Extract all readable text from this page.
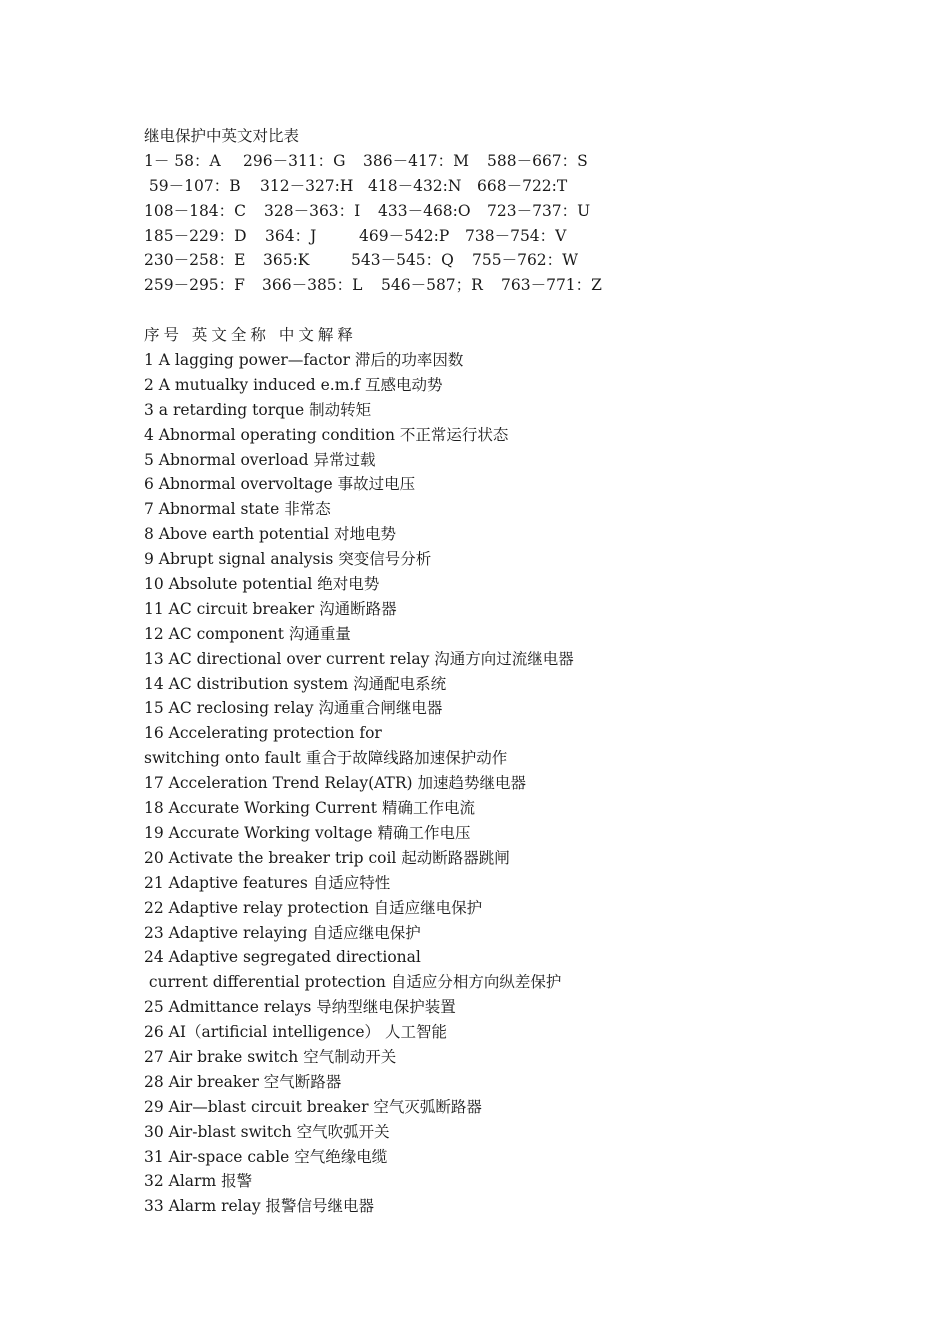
继电保护中英文对比表

1－ 58：A

296－311：G

386－417：M

588－667：S

59－107：B

312－327:H

418－432:N

668－722:T

108－184：C

328－363：I

433－468:O

723－737：U

185－229：D

364：J

	469－542:P

738－754：V

230－258：E

365:K

	543－545：Q

755－762：W

259－295：F

366－385：L

546－587；R

763－771：Z

序号 英文全称 中文解释
1 A lagging power—factor 滞后的功率因数
2 A mutualky induced e.m.f 互感电动势
3 a retarding torque 制动转矩
4 Abnormal operating condition 不正常运行状态
5 Abnormal overload 异常过载
6 Abnormal overvoltage 事故过电压
7 Abnormal state 非常态
8 Above earth potential 对地电势
9 Abrupt signal analysis 突变信号分析
10 Absolute potential 绝对电势
11 AC circuit breaker 沟通断路器
12 AC component 沟通重量
13 AC directional over current relay 沟通方向过流继电器
14 AC distribution system 沟通配电系统
15 AC reclosing relay 沟通重合闸继电器
16 Accelerating protection for
switching onto fault 重合于故障线路加速保护动作
17 Acceleration Trend Relay(ATR) 加速趋势继电器
18 Accurate Working Current 精确工作电流
19 Accurate Working voltage 精确工作电压
20 Activate the breaker trip coil 起动断路器跳闸
21 Adaptive features 自适应特性
22 Adaptive relay protection 自适应继电保护
23 Adaptive relaying 自适应继电保护
24 Adaptive segregated directional
current differential protection 自适应分相方向纵差保护
25 Admittance relays 导纳型继电保护装置
26 AI（artificial intelligence） 人工智能
27 Air brake switch 空气制动开关
28 Air breaker 空气断路器
29 Air—blast circuit breaker 空气灭弧断路器
30 Air-blast switch 空气吹弧开关
31 Air-space cable 空气绝缘电缆
32 Alarm 报警
33 Alarm relay 报警信号继电器
